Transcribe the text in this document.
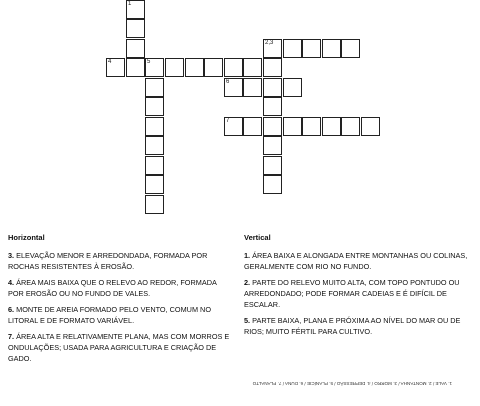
1
2,3
4	5
6
7
Horizontal

3. ELEVAÇÃO MENOR E ARREDONDADA, FORMADA POR ROCHAS RESISTENTES À EROSÃO.

4. ÁREA MAIS BAIXA QUE O RELEVO AO REDOR, FORMADA POR EROSÃO OU NO FUNDO DE VALES.

6. MONTE DE AREIA FORMADO PELO VENTO, COMUM NO LITORAL E DE FORMATO VARIÁVEL.

7. ÁREA ALTA E RELATIVAMENTE PLANA, MAS COM MORROS E ONDULAÇÕES; USADA PARA AGRICULTURA E CRIAÇÃO DE GADO.

Vertical

1. ÁREA BAIXA E ALONGADA ENTRE MONTANHAS OU COLINAS, GERALMENTE COM RIO NO FUNDO.

2. PARTE DO RELEVO MUITO ALTA, COM TOPO PONTUDO OU ARREDONDADO; PODE FORMAR CADEIAS E É DIFÍCIL DE ESCALAR.

5. PARTE BAIXA, PLANA E PRÓXIMA AO NÍVEL DO MAR OU DE RIOS; MUITO FÉRTIL PARA CULTIVO.

1. VALE / 2. MONTANHA / 3. MORRO / 4. DEPRESSÃO / 5. PLANÍCIE / 6. DUNA / 7. PLANALTO
